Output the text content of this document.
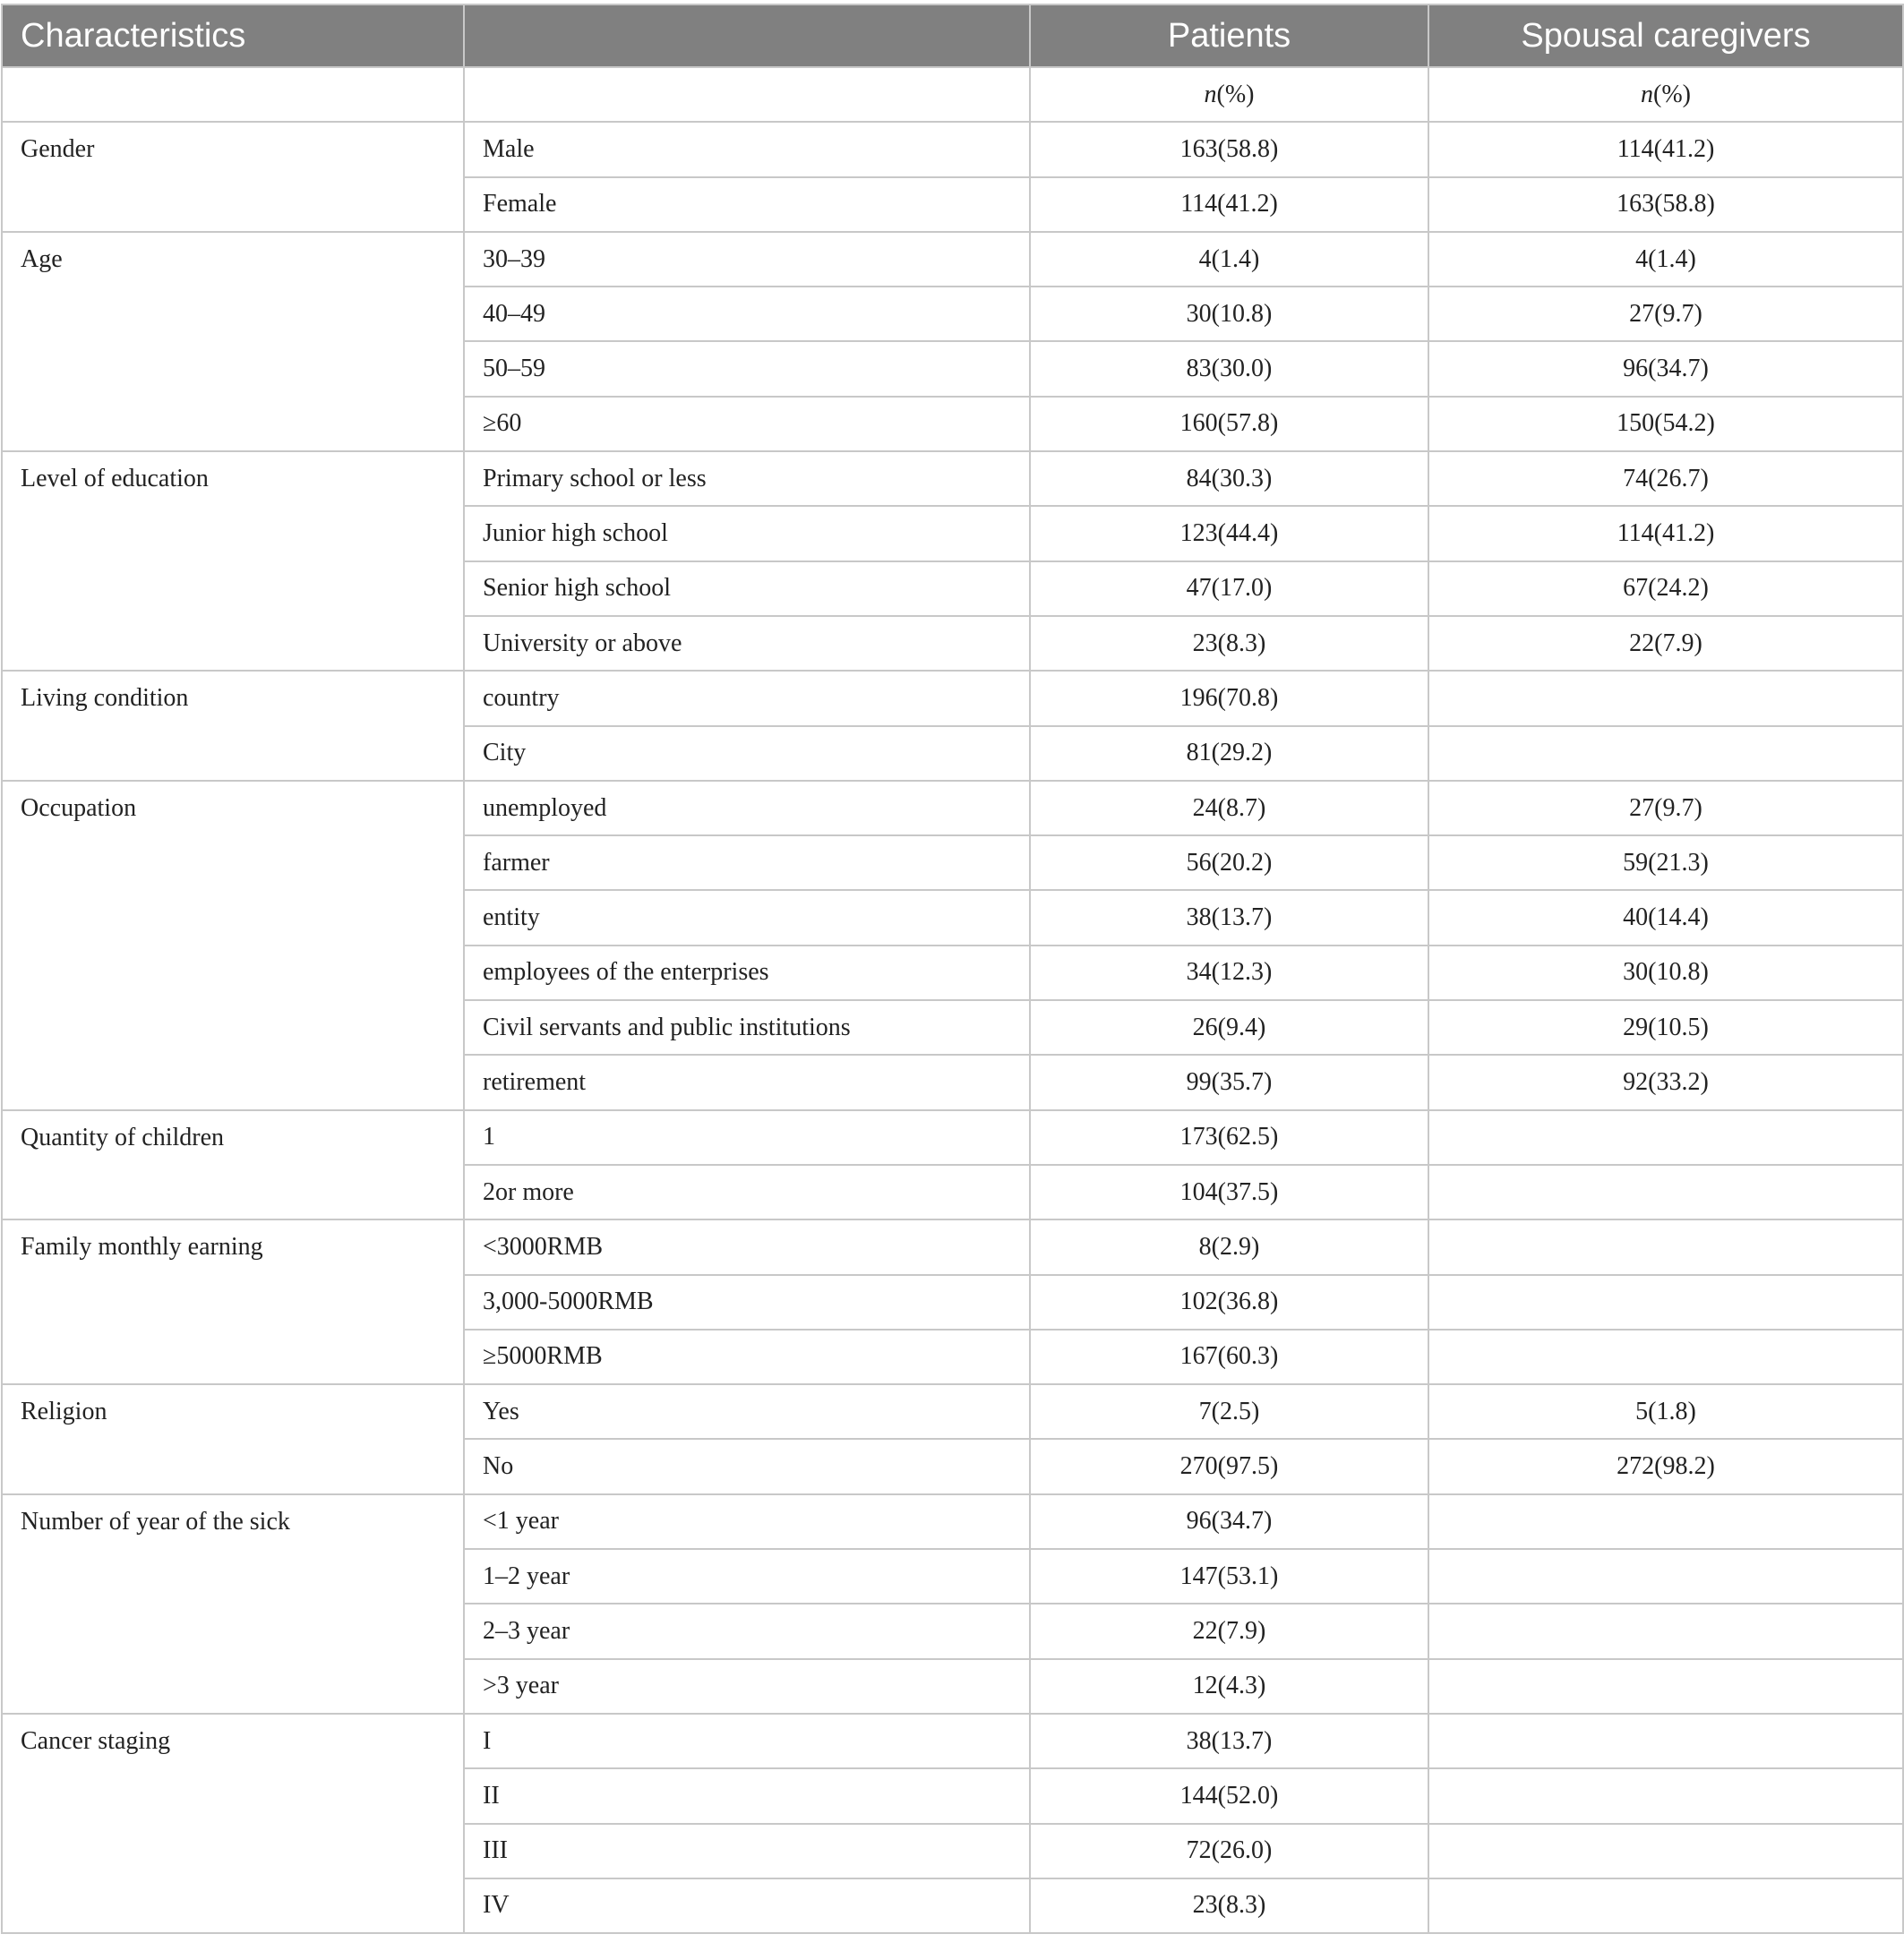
Characteristics		Patients	Spousal caregivers
		n(%)	n(%)
Gender	Male	163(58.8)	114(41.2)
	Female	114(41.2)	163(58.8)
Age	30–39	4(1.4)	4(1.4)
	40–49	30(10.8)	27(9.7)
	50–59	83(30.0)	96(34.7)
	≥60	160(57.8)	150(54.2)
Level of education	Primary school or less	84(30.3)	74(26.7)
	Junior high school	123(44.4)	114(41.2)
	Senior high school	47(17.0)	67(24.2)
	University or above	23(8.3)	22(7.9)
Living condition	country	196(70.8)	
	City	81(29.2)	
Occupation	unemployed	24(8.7)	27(9.7)
	farmer	56(20.2)	59(21.3)
	entity	38(13.7)	40(14.4)
	employees of the enterprises	34(12.3)	30(10.8)
	Civil servants and public institutions	26(9.4)	29(10.5)
	retirement	99(35.7)	92(33.2)
Quantity of children	1	173(62.5)	
	2or more	104(37.5)	
Family monthly earning	<3000RMB	8(2.9)	
	3,000-5000RMB	102(36.8)	
	≥5000RMB	167(60.3)	
Religion	Yes	7(2.5)	5(1.8)
	No	270(97.5)	272(98.2)
Number of year of the sick	<1 year	96(34.7)	
	1–2 year	147(53.1)	
	2–3 year	22(7.9)	
	>3 year	12(4.3)	
Cancer staging	I	38(13.7)	
	II	144(52.0)	
	III	72(26.0)	
	IV	23(8.3)	
